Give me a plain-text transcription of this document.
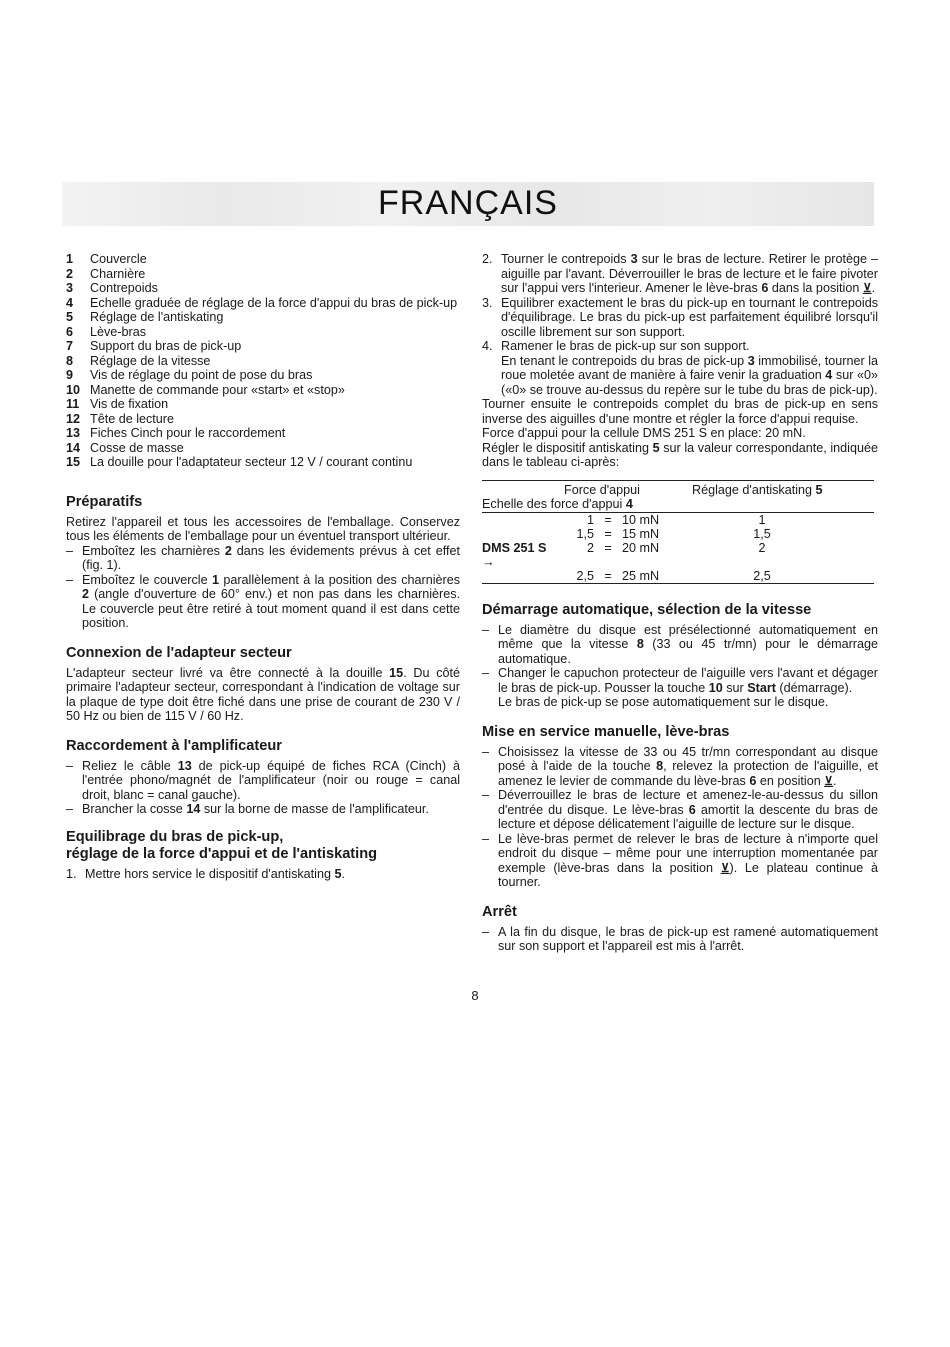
FRANÇAIS
1	Couvercle
2	Charnière
3	Contrepoids
4	Echelle graduée de réglage de la force d'appui du bras de pick-up
5	Réglage de l'antiskating
6	Lève-bras
7	Support du bras de pick-up
8	Réglage de la vitesse
9	Vis de réglage du point de pose du bras
10 Manette de commande pour «start» et «stop»
11 Vis de fixation
12 Tête de lecture
13 Fiches Cinch pour le raccordement
14 Cosse de masse
15 La douille pour l'adaptateur secteur 12 V / courant continu
Préparatifs

Retirez l'appareil et tous les accessoires de l'emballage. Conservez tous les éléments de l'emballage pour un éventuel transport ultérieur.

– Emboîtez les charnières 2 dans les évidements prévus à cet effet (fig. 1).
– Emboîtez le couvercle 1 parallèlement à la position des charnières 2 (angle d'ouverture de 60° env.) et non pas dans les charnières. Le couvercle peut être retiré à tout moment quand il est dans cette position.
Connexion de l'adapteur secteur

L'adapteur secteur livré va être connecté à la douille 15. Du côté primaire l'adapteur secteur, correspondant à l'indication de voltage sur la plaque de type doit être fiché dans une prise de courant de 230 V / 50 Hz ou bien de 115 V / 60 Hz.

Raccordement à l'amplificateur
– Reliez le câble 13 de pick-up équipé de fiches RCA (Cinch) à l'entrée phono/magnét de l'amplificateur (noir ou rouge = canal droit, blanc = canal gauche).
– Brancher la cosse 14 sur la borne de masse de l'amplificateur.
Equilibrage du bras de pick-up,
réglage de la force d'appui et de l'antiskating
1. Mettre hors service le dispositif d'antiskating 5.
2. Tourner le contrepoids 3 sur le bras de lecture. Retirer le protège – aiguille par l'avant. Déverrouiller le bras de lecture et le faire pivoter sur l'appui vers l'interieur. Amener le lève-bras 6 dans la position ⊻.
3. Equilibrer exactement le bras du pick-up en tournant le contrepoids d'équilibrage. Le bras du pick-up est parfaitement équilibré lorsqu'il oscille librement sur son support.
4. Ramener le bras de pick-up sur son support.
En tenant le contrepoids du bras de pick-up 3 immobilisé, tourner la roue moletée avant de manière à faire venir la graduation 4 sur «0» («0» se trouve au-dessus du repère sur le tube du bras de pick-up).

Tourner ensuite le contrepoids complet du bras de pick-up en sens inverse des aiguilles d'une montre et régler la force d'appui requise.

Force d'appui pour la cellule DMS 251 S en place: 20 mN.

Régler le dispositif antiskating 5 sur la valeur correspondante, indiquée dans le tableau ci-après:

Force d'appui
Echelle des force d'appui 4
Réglage d'antiskating 5
1 = 10 mN	1
1,5 = 15 mN	1,5
DMS 251 S →
2 = 20 mN	2
2,5 = 25 mN	2,5
Démarrage automatique, sélection de la vitesse
– Le diamètre du disque est présélectionné automatiquement en même que la vitesse 8 (33 ou 45 tr/mn) pour le démarrage automatique.
– Changer le capuchon protecteur de l'aiguille vers l'avant et dégager le bras de pick-up. Pousser la touche 10 sur Start (démarrage).
Le bras de pick-up se pose automatiquement sur le disque.
Mise en service manuelle, lève-bras
– Choisissez la vitesse de 33 ou 45 tr/mn correspondant au disque posé à l'aide de la touche 8, relevez la protection de l'aiguille, et amenez le levier de commande du lève-bras 6 en position ⊻.
– Déverrouillez le bras de lecture et amenez-le-au-dessus du sillon d'entrée du disque. Le lève-bras 6 amortit la descente du bras de lecture et dépose délicatement l'aiguille de lecture sur le disque.
– Le lève-bras permet de relever le bras de lecture à n'importe quel endroit du disque – même pour une interruption momentanée par exemple (lève-bras dans la position ⊻). Le plateau continue à tourner.
Arrêt
– A la fin du disque, le bras de pick-up est ramené automatiquement sur son support et l'appareil est mis à l'arrêt.
8
